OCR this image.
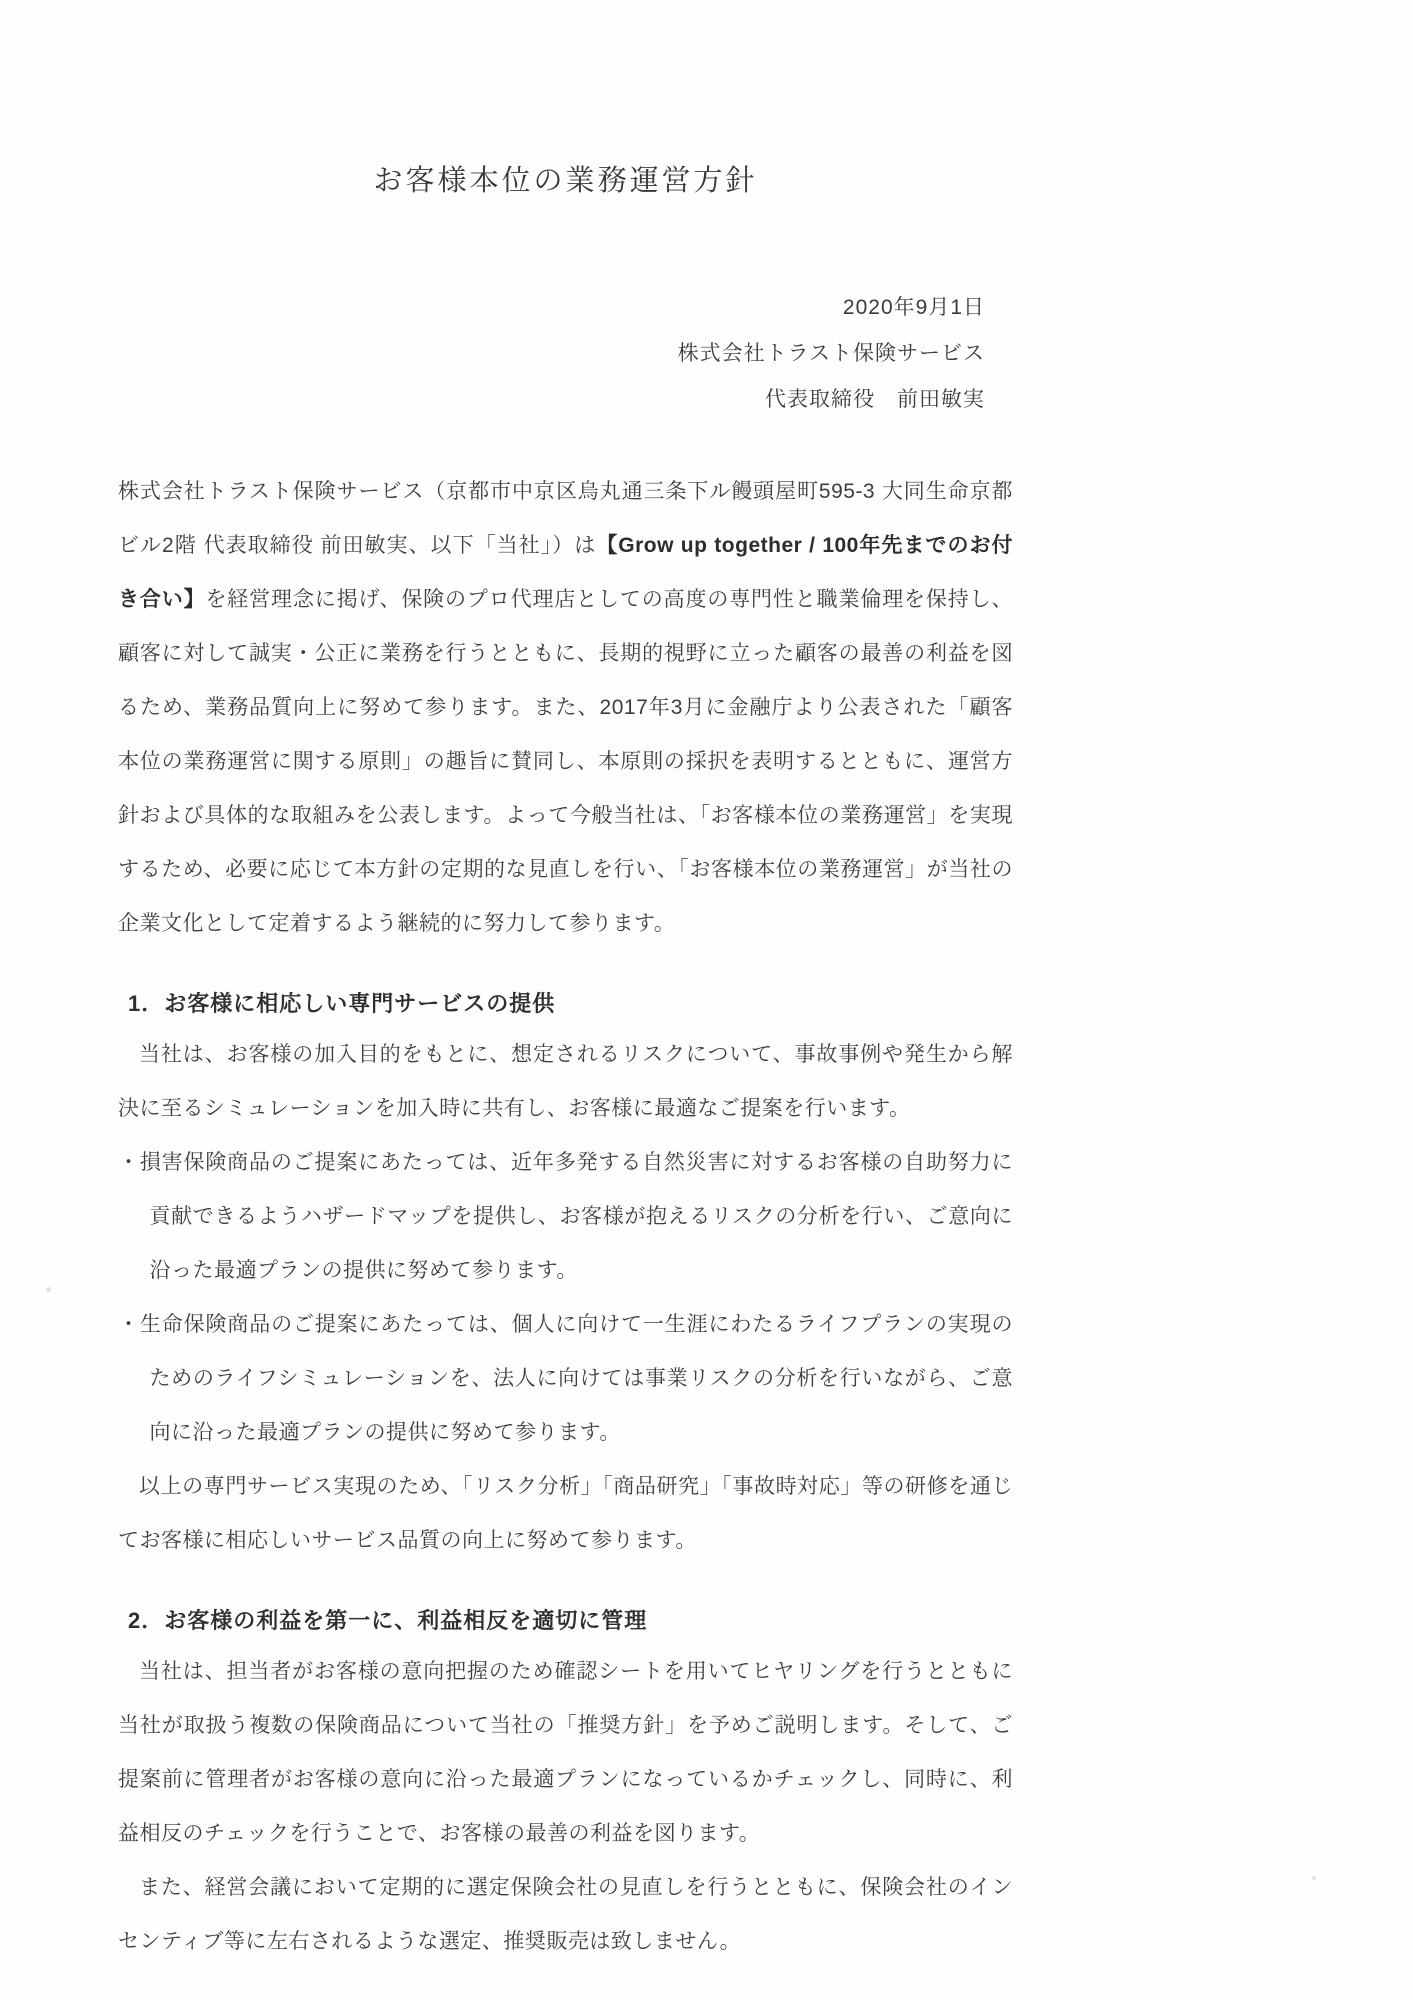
お客様本位の業務運営方針
2020年9月1日
株式会社トラスト保険サービス
代表取締役　前田敏実

株式会社トラスト保険サービス（京都市中京区烏丸通三条下ル饅頭屋町595-3 大同生命京都ビル2階 代表取締役 前田敏実、以下「当社」）は【Grow up together / 100年先までのお付き合い】を経営理念に掲げ、保険のプロ代理店としての高度の専門性と職業倫理を保持し、顧客に対して誠実・公正に業務を行うとともに、長期的視野に立った顧客の最善の利益を図るため、業務品質向上に努めて参ります。また、2017年3月に金融庁より公表された「顧客本位の業務運営に関する原則」の趣旨に賛同し、本原則の採択を表明するとともに、運営方針および具体的な取組みを公表します。よって今般当社は、「お客様本位の業務運営」を実現するため、必要に応じて本方針の定期的な見直しを行い、「お客様本位の業務運営」が当社の企業文化として定着するよう継続的に努力して参ります。

1．お客様に相応しい専門サービスの提供

当社は、お客様の加入目的をもとに、想定されるリスクについて、事故事例や発生から解決に至るシミュレーションを加入時に共有し、お客様に最適なご提案を行います。

・損害保険商品のご提案にあたっては、近年多発する自然災害に対するお客様の自助努力に貢献できるようハザードマップを提供し、お客様が抱えるリスクの分析を行い、ご意向に沿った最適プランの提供に努めて参ります。

・生命保険商品のご提案にあたっては、個人に向けて一生涯にわたるライフプランの実現のためのライフシミュレーションを、法人に向けては事業リスクの分析を行いながら、ご意向に沿った最適プランの提供に努めて参ります。

以上の専門サービス実現のため、「リスク分析」「商品研究」「事故時対応」等の研修を通じてお客様に相応しいサービス品質の向上に努めて参ります。

2．お客様の利益を第一に、利益相反を適切に管理

当社は、担当者がお客様の意向把握のため確認シートを用いてヒヤリングを行うとともに当社が取扱う複数の保険商品について当社の「推奨方針」を予めご説明します。そして、ご提案前に管理者がお客様の意向に沿った最適プランになっているかチェックし、同時に、利益相反のチェックを行うことで、お客様の最善の利益を図ります。

また、経営会議において定期的に選定保険会社の見直しを行うとともに、保険会社のインセンティブ等に左右されるような選定、推奨販売は致しません。
